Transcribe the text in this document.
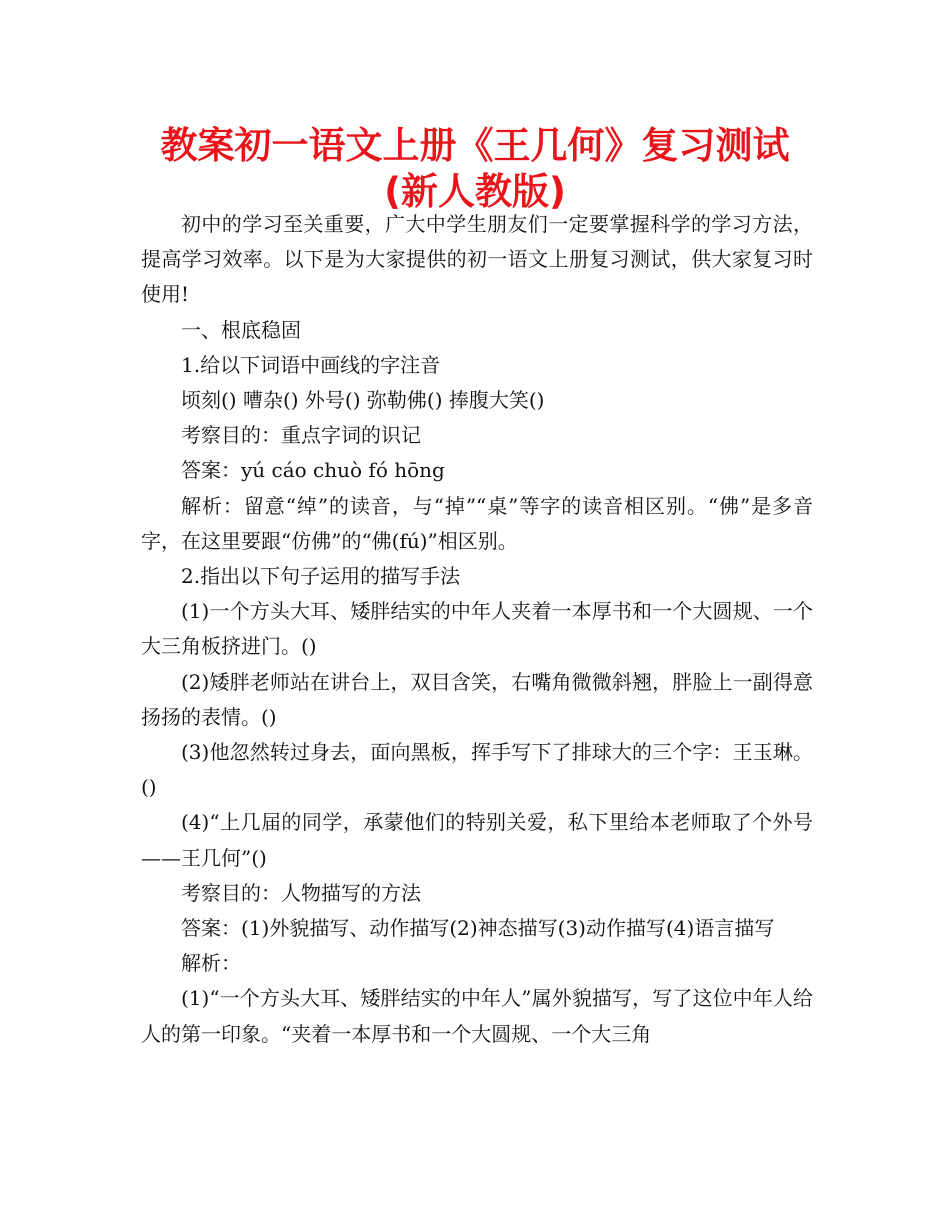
教案初一语文上册《王几何》复习测试
(新人教版)

初中的学习至关重要，广大中学生朋友们一定要掌握科学的学习方法，提高学习效率。以下是为大家提供的初一语文上册复习测试，供大家复习时使用!

一、根底稳固

1.给以下词语中画线的字注音

顷刻() 嘈杂() 外号() 弥勒佛() 捧腹大笑()

考察目的：重点字词的识记

答案：yú cáo chuò fó hōng

解析：留意“绰”的读音，与“掉”“桌”等字的读音相区别。“佛”是多音字，在这里要跟“仿佛”的“佛(fú)”相区别。

2.指出以下句子运用的描写手法

(1)一个方头大耳、矮胖结实的中年人夹着一本厚书和一个大圆规、一个大三角板挤进门。()

(2)矮胖老师站在讲台上，双目含笑，右嘴角微微斜翘，胖脸上一副得意扬扬的表情。()

(3)他忽然转过身去，面向黑板，挥手写下了排球大的三个字：王玉琳。()

(4)“上几届的同学，承蒙他们的特别关爱，私下里给本老师取了个外号——王几何”()

考察目的：人物描写的方法

答案：(1)外貌描写、动作描写(2)神态描写(3)动作描写(4)语言描写

解析：

(1)“一个方头大耳、矮胖结实的中年人”属外貌描写，写了这位中年人给人的第一印象。“夹着一本厚书和一个大圆规、一个大三角
